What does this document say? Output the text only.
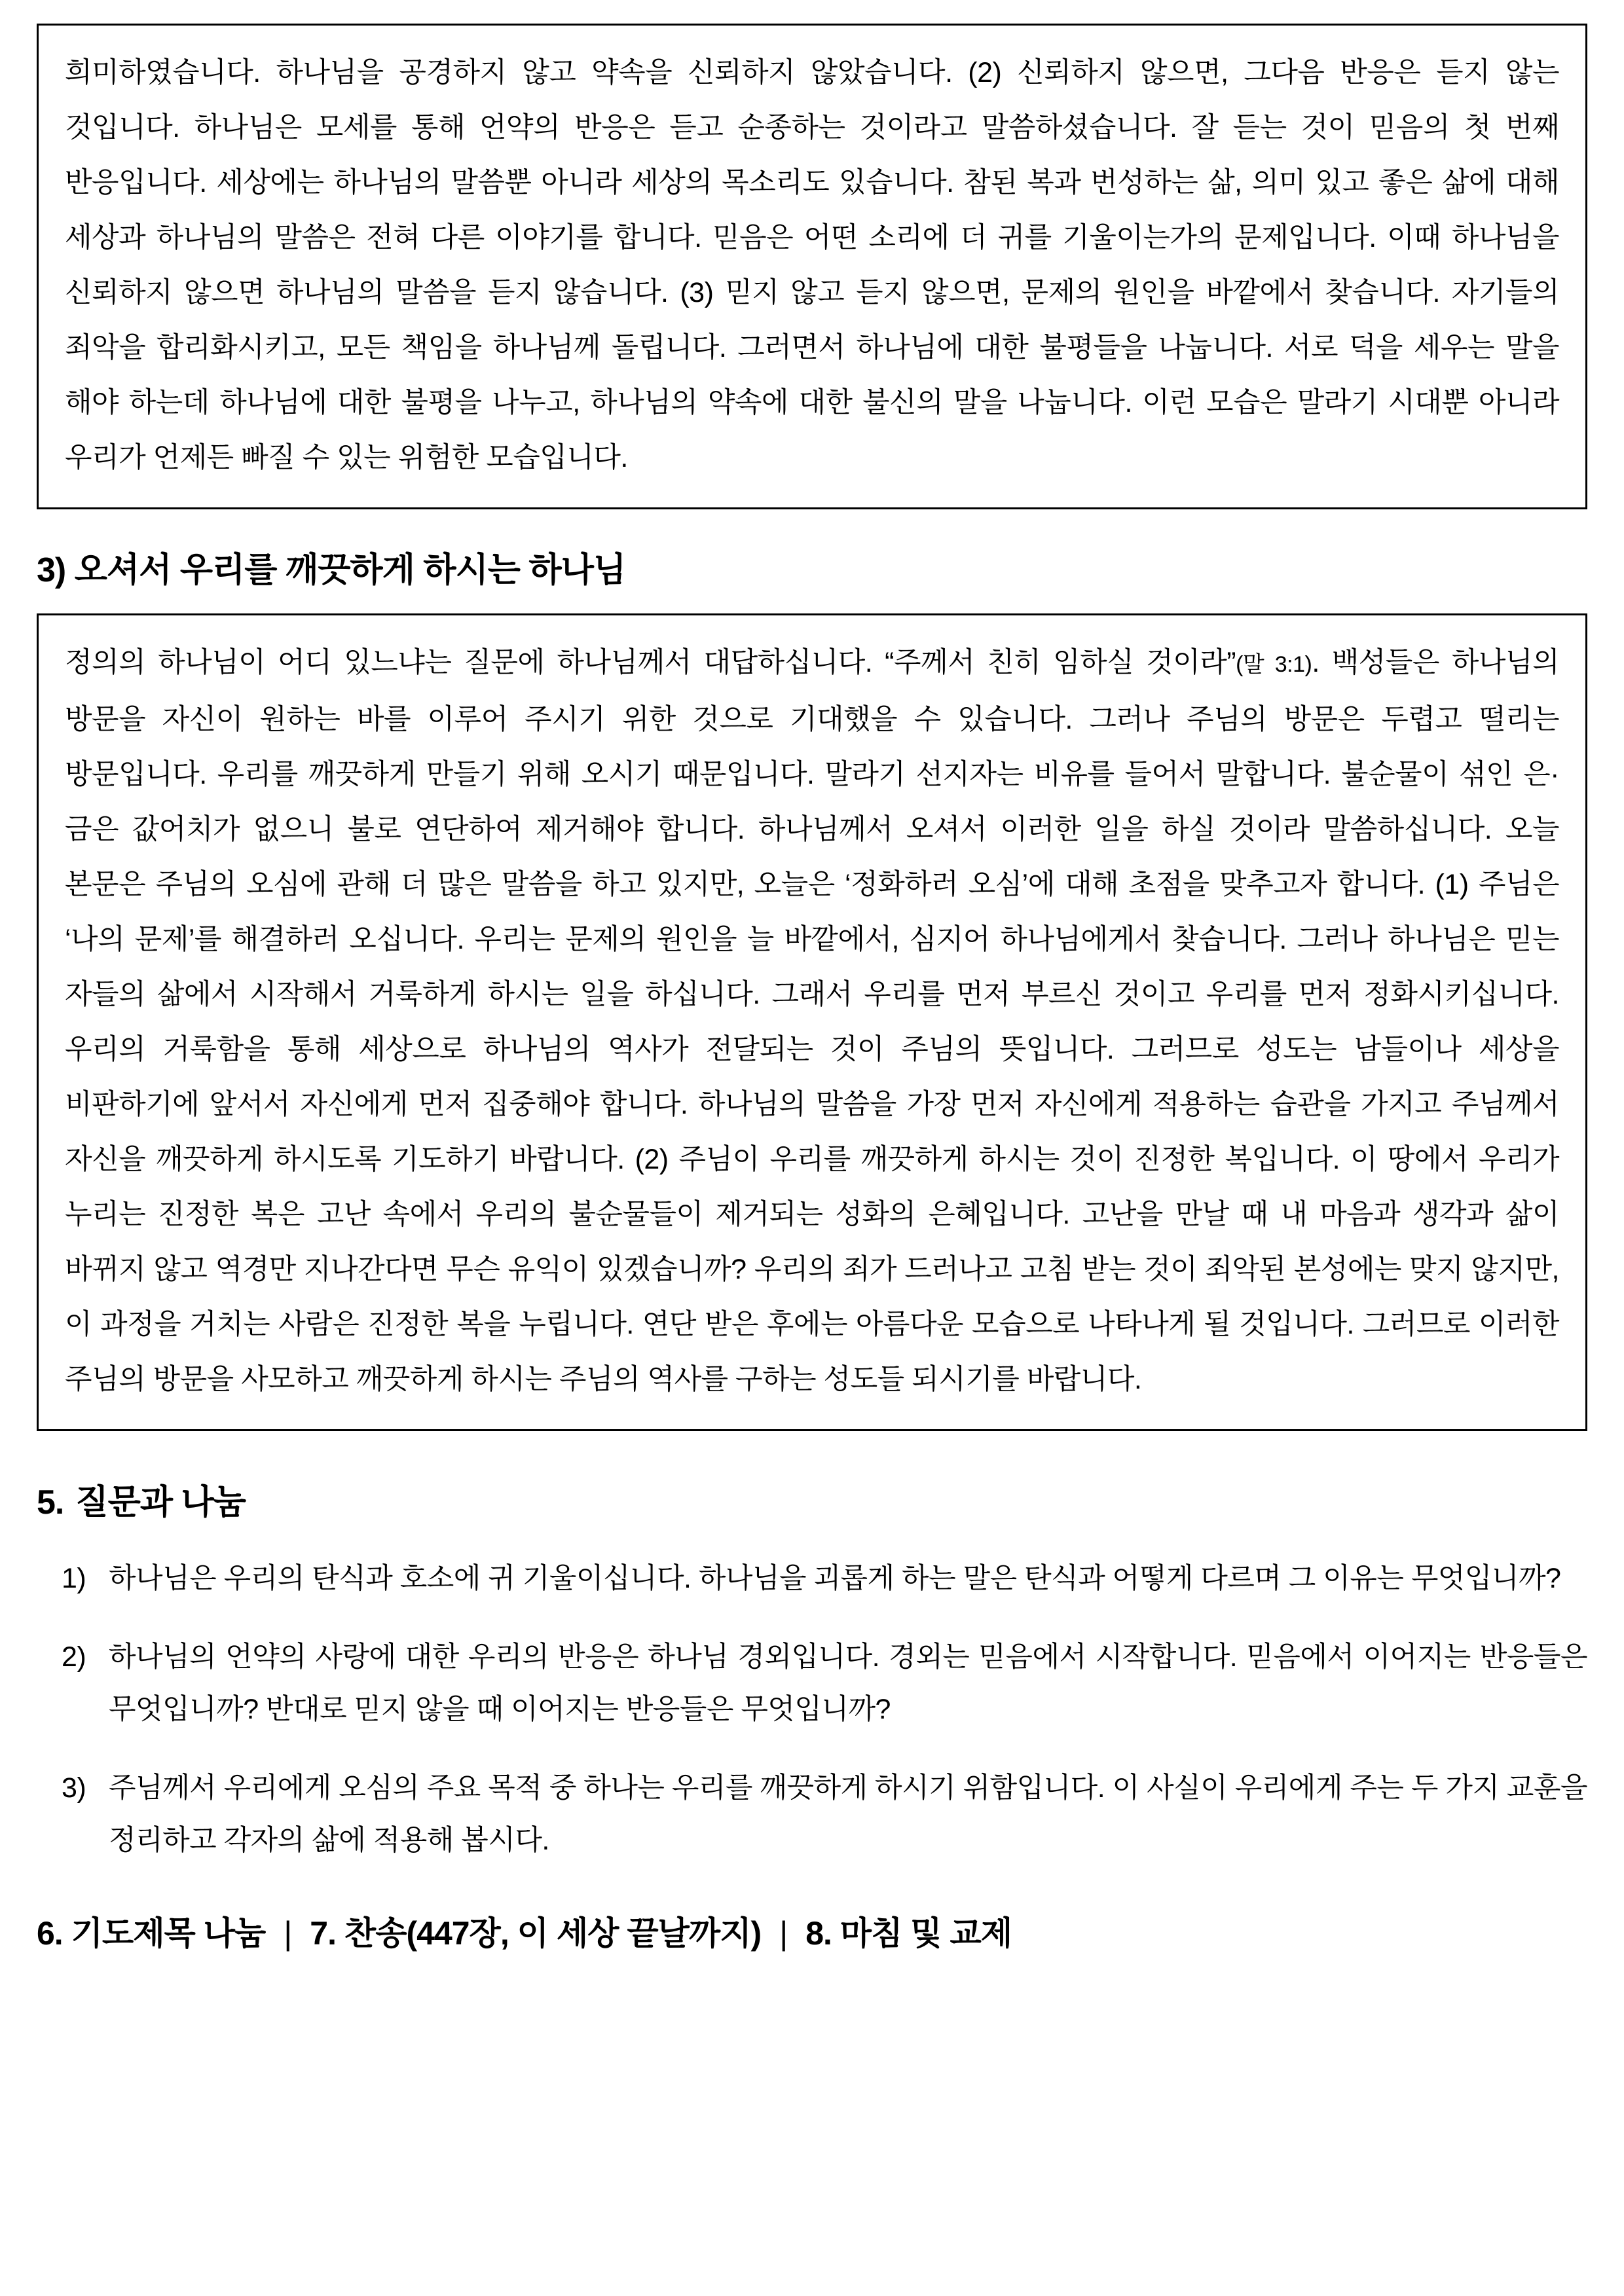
희미하였습니다. 하나님을 공경하지 않고 약속을 신뢰하지 않았습니다. (2) 신뢰하지 않으면, 그다음 반응은 듣지 않는 것입니다. 하나님은 모세를 통해 언약의 반응은 듣고 순종하는 것이라고 말씀하셨습니다. 잘 듣는 것이 믿음의 첫 번째 반응입니다. 세상에는 하나님의 말씀뿐 아니라 세상의 목소리도 있습니다. 참된 복과 번성하는 삶, 의미 있고 좋은 삶에 대해 세상과 하나님의 말씀은 전혀 다른 이야기를 합니다. 믿음은 어떤 소리에 더 귀를 기울이는가의 문제입니다. 이때 하나님을 신뢰하지 않으면 하나님의 말씀을 듣지 않습니다. (3) 믿지 않고 듣지 않으면, 문제의 원인을 바깥에서 찾습니다. 자기들의 죄악을 합리화시키고, 모든 책임을 하나님께 돌립니다. 그러면서 하나님에 대한 불평들을 나눕니다. 서로 덕을 세우는 말을 해야 하는데 하나님에 대한 불평을 나누고, 하나님의 약속에 대한 불신의 말을 나눕니다. 이런 모습은 말라기 시대뿐 아니라 우리가 언제든 빠질 수 있는 위험한 모습입니다.

3) 오셔서 우리를 깨끗하게 하시는 하나님

정의의 하나님이 어디 있느냐는 질문에 하나님께서 대답하십니다. “주께서 친히 임하실 것이라”(말 3:1). 백성들은 하나님의 방문을 자신이 원하는 바를 이루어 주시기 위한 것으로 기대했을 수 있습니다. 그러나 주님의 방문은 두렵고 떨리는 방문입니다. 우리를 깨끗하게 만들기 위해 오시기 때문입니다. 말라기 선지자는 비유를 들어서 말합니다. 불순물이 섞인 은·금은 값어치가 없으니 불로 연단하여 제거해야 합니다. 하나님께서 오셔서 이러한 일을 하실 것이라 말씀하십니다. 오늘 본문은 주님의 오심에 관해 더 많은 말씀을 하고 있지만, 오늘은 ‘정화하러 오심’에 대해 초점을 맞추고자 합니다. (1) 주님은 ‘나의 문제’를 해결하러 오십니다. 우리는 문제의 원인을 늘 바깥에서, 심지어 하나님에게서 찾습니다. 그러나 하나님은 믿는 자들의 삶에서 시작해서 거룩하게 하시는 일을 하십니다. 그래서 우리를 먼저 부르신 것이고 우리를 먼저 정화시키십니다. 우리의 거룩함을 통해 세상으로 하나님의 역사가 전달되는 것이 주님의 뜻입니다. 그러므로 성도는 남들이나 세상을 비판하기에 앞서서 자신에게 먼저 집중해야 합니다. 하나님의 말씀을 가장 먼저 자신에게 적용하는 습관을 가지고 주님께서 자신을 깨끗하게 하시도록 기도하기 바랍니다. (2) 주님이 우리를 깨끗하게 하시는 것이 진정한 복입니다. 이 땅에서 우리가 누리는 진정한 복은 고난 속에서 우리의 불순물들이 제거되는 성화의 은혜입니다. 고난을 만날 때 내 마음과 생각과 삶이 바뀌지 않고 역경만 지나간다면 무슨 유익이 있겠습니까? 우리의 죄가 드러나고 고침 받는 것이 죄악된 본성에는 맞지 않지만, 이 과정을 거치는 사람은 진정한 복을 누립니다. 연단 받은 후에는 아름다운 모습으로 나타나게 될 것입니다. 그러므로 이러한 주님의 방문을 사모하고 깨끗하게 하시는 주님의 역사를 구하는 성도들 되시기를 바랍니다.

5. 질문과 나눔
1) 하나님은 우리의 탄식과 호소에 귀 기울이십니다. 하나님을 괴롭게 하는 말은 탄식과 어떻게 다르며 그 이유는 무엇입니까?
2) 하나님의 언약의 사랑에 대한 우리의 반응은 하나님 경외입니다. 경외는 믿음에서 시작합니다. 믿음에서 이어지는 반응들은 무엇입니까? 반대로 믿지 않을 때 이어지는 반응들은 무엇입니까?
3) 주님께서 우리에게 오심의 주요 목적 중 하나는 우리를 깨끗하게 하시기 위함입니다. 이 사실이 우리에게 주는 두 가지 교훈을 정리하고 각자의 삶에 적용해 봅시다.
6. 기도제목 나눔 | 7. 찬송(447장, 이 세상 끝날까지) | 8. 마침 및 교제
